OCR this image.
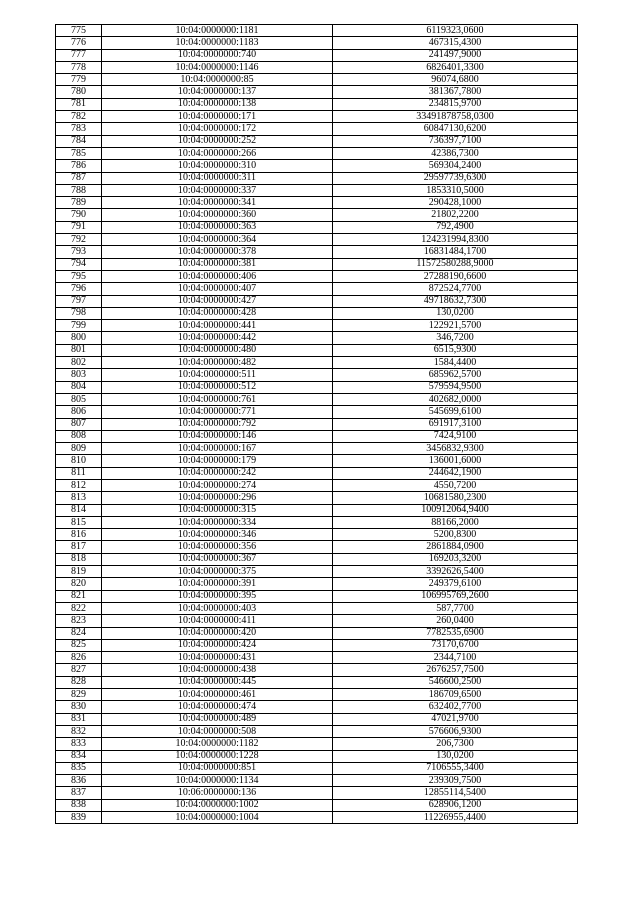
775	10:04:0000000:1181	6119323,0600
776	10:04:0000000:1183	467315,4300
777	10:04:0000000:740	241497,9000
778	10:04:0000000:1146	6826401,3300
779	10:04:0000000:85	96074,6800
780	10:04:0000000:137	381367,7800
781	10:04:0000000:138	234815,9700
782	10:04:0000000:171	33491878758,0300
783	10:04:0000000:172	60847130,6200
784	10:04:0000000:252	736397,7100
785	10:04:0000000:266	42386,7300
786	10:04:0000000:310	569304,2400
787	10:04:0000000:311	29597739,6300
788	10:04:0000000:337	1853310,5000
789	10:04:0000000:341	290428,1000
790	10:04:0000000:360	21802,2200
791	10:04:0000000:363	792,4900
792	10:04:0000000:364	124231994,8300
793	10:04:0000000:378	16831484,1700
794	10:04:0000000:381	11572580288,9000
795	10:04:0000000:406	27288190,6600
796	10:04:0000000:407	872524,7700
797	10:04:0000000:427	49718632,7300
798	10:04:0000000:428	130,0200
799	10:04:0000000:441	122921,5700
800	10:04:0000000:442	346,7200
801	10:04:0000000:480	6515,9300
802	10:04:0000000:482	1584,4400
803	10:04:0000000:511	685962,5700
804	10:04:0000000:512	579594,9500
805	10:04:0000000:761	402682,0000
806	10:04:0000000:771	545699,6100
807	10:04:0000000:792	691917,3100
808	10:04:0000000:146	7424,9100
809	10:04:0000000:167	3456832,9300
810	10:04:0000000:179	136001,6000
811	10:04:0000000:242	244642,1900
812	10:04:0000000:274	4550,7200
813	10:04:0000000:296	10681580,2300
814	10:04:0000000:315	100912064,9400
815	10:04:0000000:334	88166,2000
816	10:04:0000000:346	5200,8300
817	10:04:0000000:356	2861884,0900
818	10:04:0000000:367	169203,3200
819	10:04:0000000:375	3392626,5400
820	10:04:0000000:391	249379,6100
821	10:04:0000000:395	106995769,2600
822	10:04:0000000:403	587,7700
823	10:04:0000000:411	260,0400
824	10:04:0000000:420	7782535,6900
825	10:04:0000000:424	73170,6700
826	10:04:0000000:431	2344,7100
827	10:04:0000000:438	2676257,7500
828	10:04:0000000:445	546600,2500
829	10:04:0000000:461	186709,6500
830	10:04:0000000:474	632402,7700
831	10:04:0000000:489	47021,9700
832	10:04:0000000:508	576606,9300
833	10:04:0000000:1182	206,7300
834	10:04:0000000:1228	130,0200
835	10:04:0000000:851	7106555,3400
836	10:04:0000000:1134	239309,7500
837	10:06:0000000:136	12855114,5400
838	10:04:0000000:1002	628906,1200
839	10:04:0000000:1004	11226955,4400
